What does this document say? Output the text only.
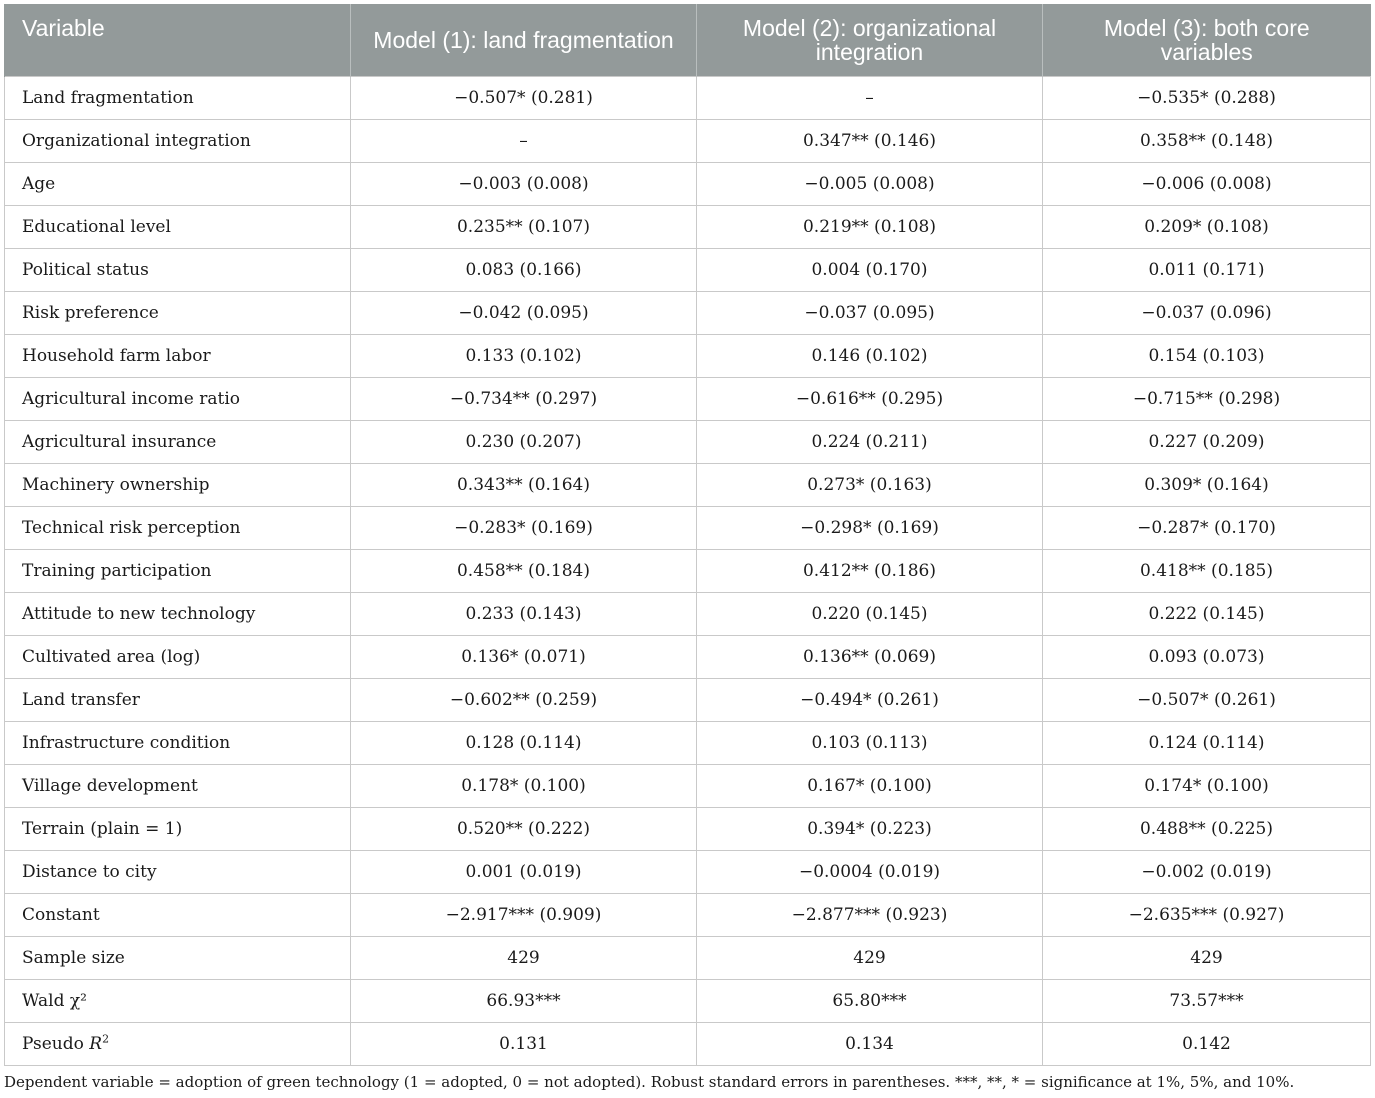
Variable	Model (1): land fragmentation	Model (2): organizational integration	Model (3): both core variables
Land fragmentation	−0.507* (0.281)	–	−0.535* (0.288)
Organizational integration	–	0.347** (0.146)	0.358** (0.148)
Age	−0.003 (0.008)	−0.005 (0.008)	−0.006 (0.008)
Educational level	0.235** (0.107)	0.219** (0.108)	0.209* (0.108)
Political status	0.083 (0.166)	0.004 (0.170)	0.011 (0.171)
Risk preference	−0.042 (0.095)	−0.037 (0.095)	−0.037 (0.096)
Household farm labor	0.133 (0.102)	0.146 (0.102)	0.154 (0.103)
Agricultural income ratio	−0.734** (0.297)	−0.616** (0.295)	−0.715** (0.298)
Agricultural insurance	0.230 (0.207)	0.224 (0.211)	0.227 (0.209)
Machinery ownership	0.343** (0.164)	0.273* (0.163)	0.309* (0.164)
Technical risk perception	−0.283* (0.169)	−0.298* (0.169)	−0.287* (0.170)
Training participation	0.458** (0.184)	0.412** (0.186)	0.418** (0.185)
Attitude to new technology	0.233 (0.143)	0.220 (0.145)	0.222 (0.145)
Cultivated area (log)	0.136* (0.071)	0.136** (0.069)	0.093 (0.073)
Land transfer	−0.602** (0.259)	−0.494* (0.261)	−0.507* (0.261)
Infrastructure condition	0.128 (0.114)	0.103 (0.113)	0.124 (0.114)
Village development	0.178* (0.100)	0.167* (0.100)	0.174* (0.100)
Terrain (plain = 1)	0.520** (0.222)	0.394* (0.223)	0.488** (0.225)
Distance to city	0.001 (0.019)	−0.0004 (0.019)	−0.002 (0.019)
Constant	−2.917*** (0.909)	−2.877*** (0.923)	−2.635*** (0.927)
Sample size	429	429	429
Wald χ²	66.93***	65.80***	73.57***
Pseudo $R^2$	0.131	0.134	0.142
Dependent variable = adoption of green technology (1 = adopted, 0 = not adopted). Robust standard errors in parentheses. ***, **, * = significance at 1%, 5%, and 10%.
